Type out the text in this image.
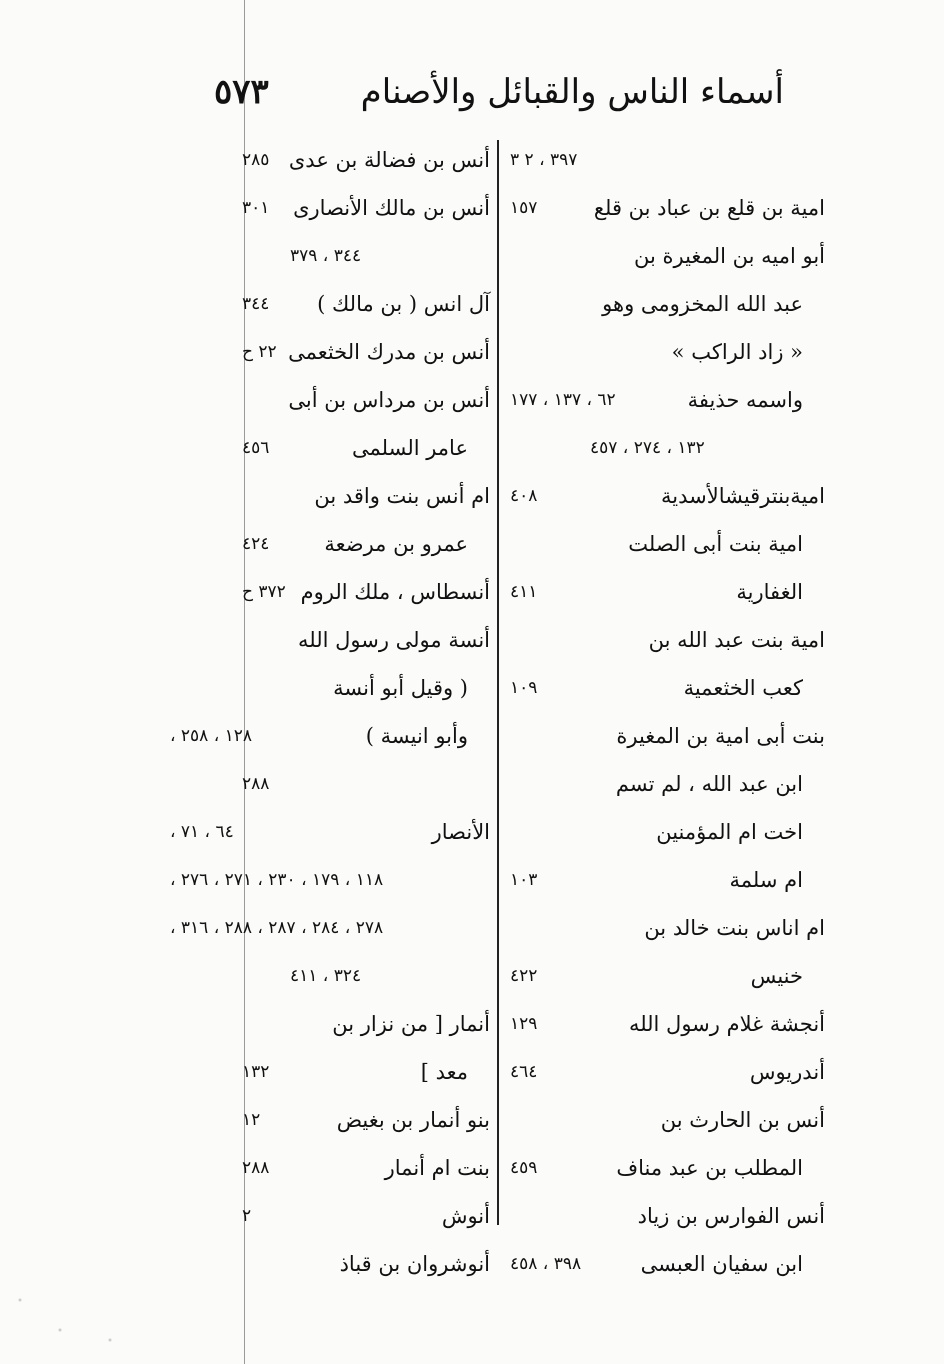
أسماء الناس والقبائل والأصنام
٥٧٣
٣٩٧ ، ٢ ٣
امية بن قلع بن عباد بن قلع
١٥٧
أبو اميه بن المغيرة بن
عبد الله المخزومى وهو
« زاد الراكب »
واسمه حذيفة
٦٢ ، ١٣٧ ، ١٧٧
١٣٢ ، ٢٧٤ ، ٤٥٧
اميةبنترقيشالأسدية
٤٠٨
امية بنت أبى الصلت
الغفارية
٤١١
امية بنت عبد الله بن
كعب الخثعمية
١٠٩
بنت أبى امية بن المغيرة
ابن عبد الله ، لم تسم
اخت ام المؤمنين
ام سلمة
١٠٣
ام اناس بنت خالد بن
خنيس
٤٢٢
أنجشة غلام رسول الله
١٢٩
أندريوس
٤٦٤
أنس بن الحارث بن
المطلب بن عبد مناف
٤٥٩
أنس الفوارس بن زياد
ابن سفيان العبسى
٣٩٨ ، ٤٥٨
أنس بن فضالة بن عدى
٢٨٥
أنس بن مالك الأنصارى
٣٠١
٣٤٤ ، ٣٧٩
آل انس ( بن مالك )
٣٤٤
أنس بن مدرك الخثعمى
٢٢ ح
أنس بن مرداس بن أبى
عامر السلمى
٤٥٦
ام أنس بنت واقد بن
عمرو بن مرضعة
٤٢٤
أنسطاس ، ملك الروم
٣٧٢ ح
أنسة مولى رسول الله
( وقيل أبو أنسة
وأبو انيسة )
١٢٨ ، ٢٥٨ ،
٢٨٨
الأنصار
٦٤ ، ٧١ ،
١١٨ ، ١٧٩ ، ٢٣٠ ، ٢٧١ ، ٢٧٦ ،
٢٧٨ ، ٢٨٤ ، ٢٨٧ ، ٢٨٨ ، ٣١٦ ،
٣٢٤ ، ٤١١
أنمار [ من نزار بن
معد ]
١٣٢
بنو أنمار بن بغيض
١٢
بنت ام أنمار
٢٨٨
أنوش
٢
أنوشروان بن قباذ
